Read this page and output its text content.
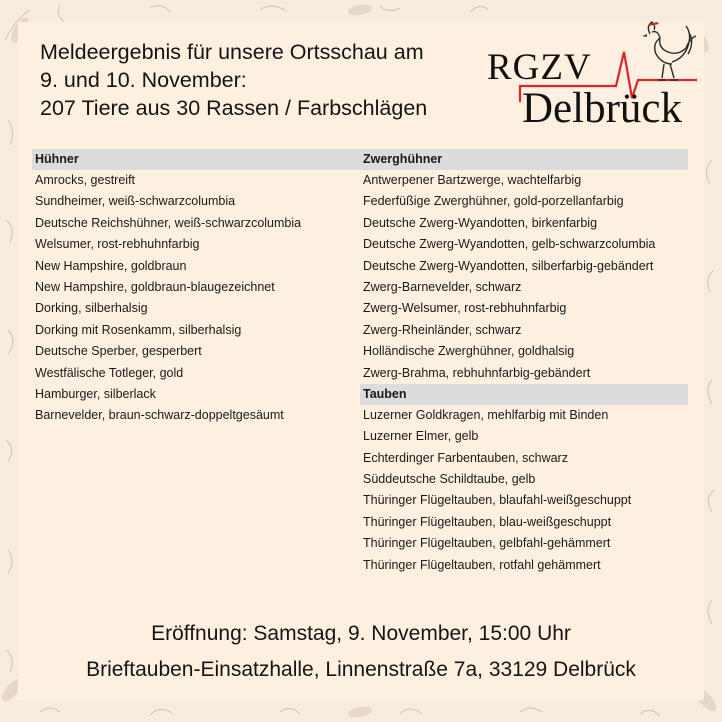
Meldeergebnis für unsere Ortsschau am
9. und 10. November:
207 Tiere aus 30 Rassen / Farbschlägen
RGZV
Delbrück
Hühner
Amrocks, gestreift
Sundheimer, weiß-schwarzcolumbia
Deutsche Reichshühner, weiß-schwarzcolumbia
Welsumer, rost-rebhuhnfarbig
New Hampshire, goldbraun
New Hampshire, goldbraun-blaugezeichnet
Dorking, silberhalsig
Dorking mit Rosenkamm, silberhalsig
Deutsche Sperber, gesperbert
Westfälische Totleger, gold
Hamburger, silberlack
Barnevelder, braun-schwarz-doppeltgesäumt
Zwerghühner
Antwerpener Bartzwerge, wachtelfarbig
Federfüßige Zwerghühner, gold-porzellanfarbig
Deutsche Zwerg-Wyandotten, birkenfarbig
Deutsche Zwerg-Wyandotten, gelb-schwarzcolumbia
Deutsche Zwerg-Wyandotten, silberfarbig-gebändert
Zwerg-Barnevelder, schwarz
Zwerg-Welsumer, rost-rebhuhnfarbig
Zwerg-Rheinländer, schwarz
Holländische Zwerghühner, goldhalsig
Zwerg-Brahma, rebhuhnfarbig-gebändert
Tauben
Luzerner Goldkragen, mehlfarbig mit Binden
Luzerner Elmer, gelb
Echterdinger Farbentauben, schwarz
Süddeutsche Schildtaube, gelb
Thüringer Flügeltauben, blaufahl-weißgeschuppt
Thüringer Flügeltauben, blau-weißgeschuppt
Thüringer Flügeltauben, gelbfahl-gehämmert
Thüringer Flügeltauben, rotfahl gehämmert
Eröffnung: Samstag, 9. November, 15:00 Uhr
Brieftauben-Einsatzhalle, Linnenstraße 7a, 33129 Delbrück
